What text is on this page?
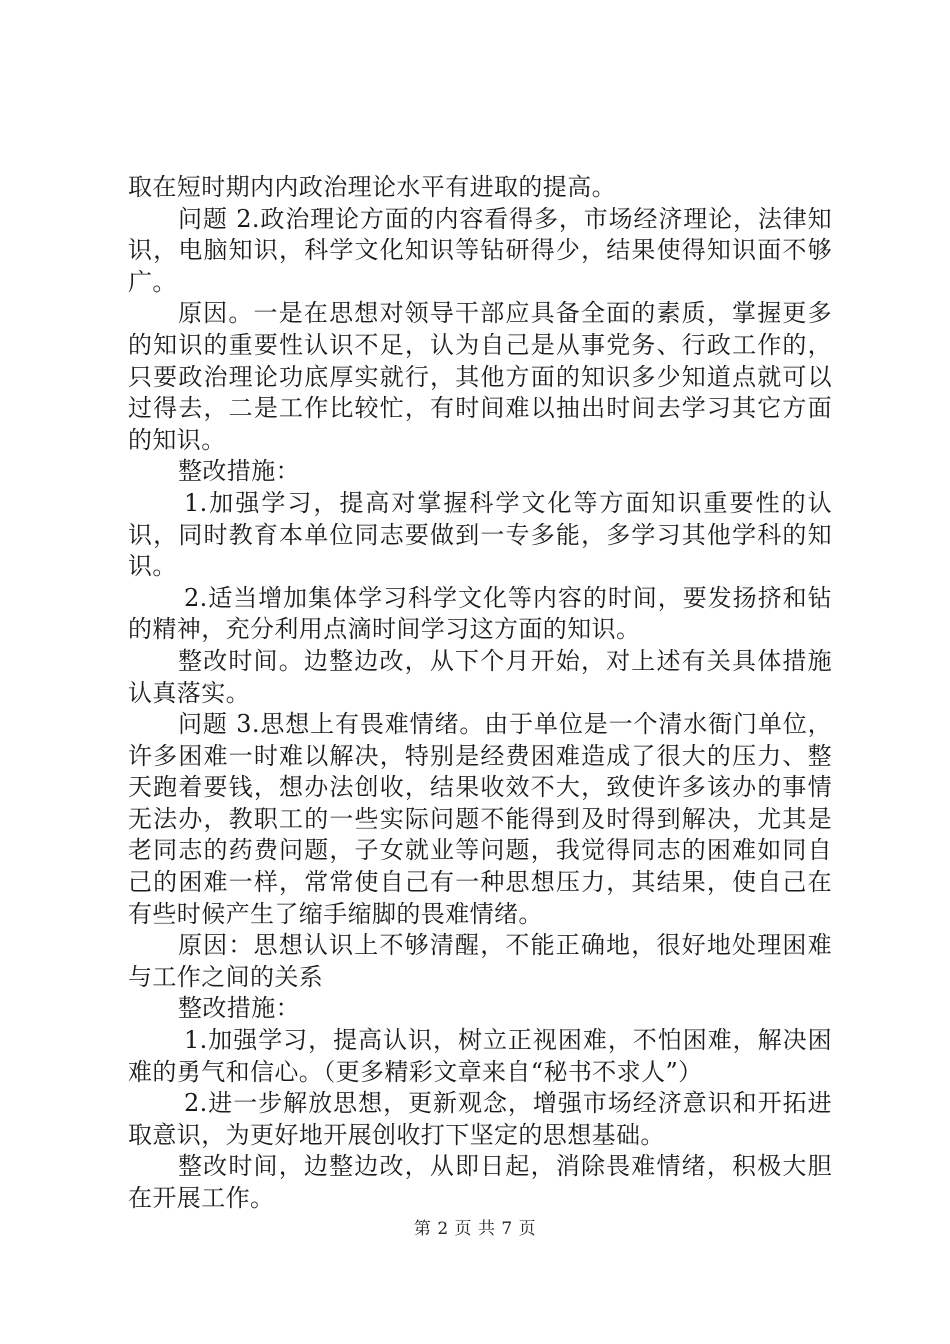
取在短时期内内政治理论水平有进取的提高。

问题 2.政治理论方面的内容看得多，市场经济理论，法律知识，电脑知识，科学文化知识等钻研得少，结果使得知识面不够广。

原因。一是在思想对领导干部应具备全面的素质，掌握更多的知识的重要性认识不足，认为自己是从事党务、行政工作的，只要政治理论功底厚实就行，其他方面的知识多少知道点就可以过得去，二是工作比较忙，有时间难以抽出时间去学习其它方面的知识。

整改措施：

1.加强学习，提高对掌握科学文化等方面知识重要性的认识，同时教育本单位同志要做到一专多能，多学习其他学科的知识。

2.适当增加集体学习科学文化等内容的时间，要发扬挤和钻的精神，充分利用点滴时间学习这方面的知识。

整改时间。边整边改，从下个月开始，对上述有关具体措施认真落实。

问题 3.思想上有畏难情绪。由于单位是一个清水衙门单位，许多困难一时难以解决，特别是经费困难造成了很大的压力、整天跑着要钱，想办法创收，结果收效不大，致使许多该办的事情无法办，教职工的一些实际问题不能得到及时得到解决，尤其是老同志的药费问题，子女就业等问题，我觉得同志的困难如同自己的困难一样，常常使自己有一种思想压力，其结果，使自己在有些时候产生了缩手缩脚的畏难情绪。

原因：思想认识上不够清醒，不能正确地，很好地处理困难与工作之间的关系

整改措施：

1.加强学习，提高认识，树立正视困难，不怕困难，解决困难的勇气和信心。（更多精彩文章来自“秘书不求人”）

2.进一步解放思想，更新观念，增强市场经济意识和开拓进取意识，为更好地开展创收打下坚定的思想基础。

整改时间，边整边改，从即日起，消除畏难情绪，积极大胆在开展工作。

第 2 页 共 7 页
